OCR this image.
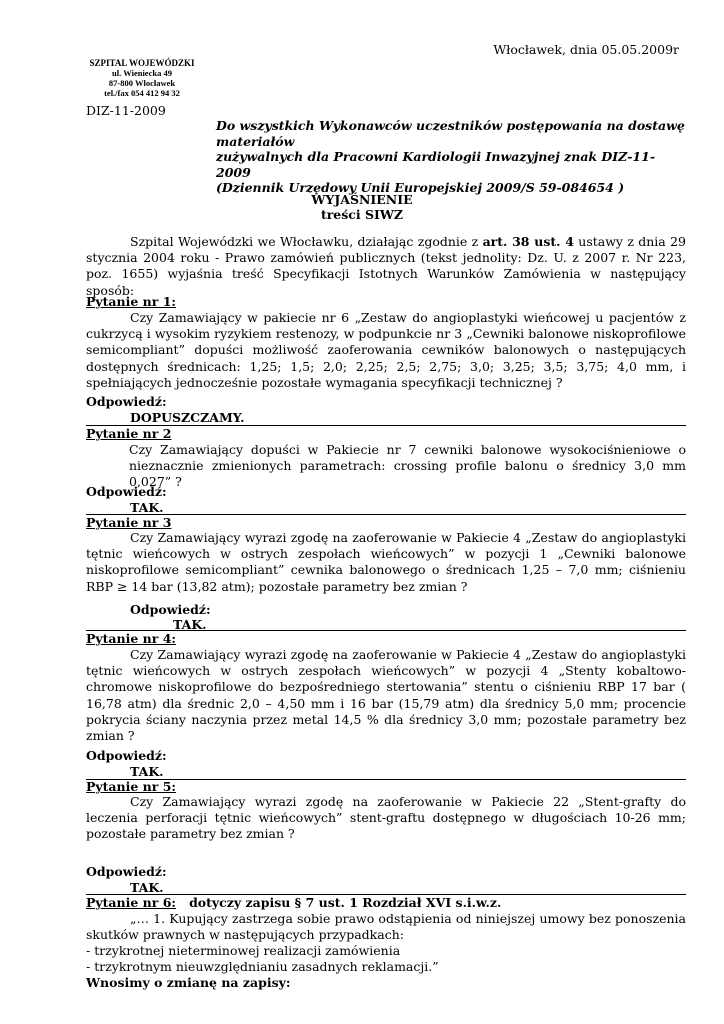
Włocławek, dnia 05.05.2009r
SZPITAL WOJEWÓDZKI
ul. Wieniecka 49
87-800 Włocławek
tel./fax 054 412 94 32
DIZ-11-2009
Do wszystkich Wykonawców uczestników postępowania na dostawę materiałów
zużywalnych dla Pracowni Kardiologii Inwazyjnej znak DIZ-11-2009
(Dziennik Urzędowy Unii Europejskiej 2009/S 59-084654 )
WYJAŚNIENIE
treści SIWZ
Szpital Wojewódzki we Włocławku, działając zgodnie z art. 38 ust. 4 ustawy z dnia 29 stycznia 2004 roku - Prawo zamówień publicznych (tekst jednolity: Dz. U. z 2007 r. Nr 223, poz. 1655) wyjaśnia treść Specyfikacji Istotnych Warunków Zamówienia w następujący sposób:
Pytanie nr 1:
Czy Zamawiający w pakiecie nr 6 „Zestaw do angioplastyki wieńcowej u pacjentów z cukrzycą i wysokim ryzykiem restenozy, w podpunkcie nr 3 „Cewniki balonowe niskoprofilowe semicompliant” dopuści możliwość zaoferowania cewników balonowych o następujących dostępnych średnicach: 1,25; 1,5; 2,0; 2,25; 2,5; 2,75; 3,0; 3,25; 3,5; 3,75; 4,0 mm, i spełniających jednocześnie pozostałe wymagania specyfikacji technicznej ?
Odpowiedź:
DOPUSZCZAMY.
Pytanie nr 2
Czy Zamawiający dopuści w Pakiecie nr 7 cewniki balonowe wysokociśnieniowe o nieznacznie zmienionych parametrach: crossing profile balonu o średnicy 3,0 mm 0,027” ?
Odpowiedź:
TAK.
Pytanie nr 3
Czy Zamawiający wyrazi zgodę na zaoferowanie w Pakiecie 4 „Zestaw do angioplastyki tętnic wieńcowych w ostrych zespołach wieńcowych” w pozycji 1 „Cewniki balonowe niskoprofilowe semicompliant” cewnika balonowego o średnicach 1,25 – 7,0 mm; ciśnieniu RBP ≥ 14 bar (13,82 atm); pozostałe parametry bez zmian ?
Odpowiedź:
TAK.
Pytanie nr 4:
Czy Zamawiający wyrazi zgodę na zaoferowanie w Pakiecie 4 „Zestaw do angioplastyki tętnic wieńcowych w ostrych zespołach wieńcowych” w pozycji 4 „Stenty kobaltowo-chromowe niskoprofilowe do bezpośredniego stertowania” stentu o ciśnieniu RBP 17 bar ( 16,78 atm) dla średnic 2,0 – 4,50 mm i 16 bar (15,79 atm) dla średnicy 5,0 mm; procencie pokrycia ściany naczynia przez metal 14,5 % dla średnicy 3,0 mm; pozostałe parametry bez zmian ?
Odpowiedź:
TAK.
Pytanie nr 5:
Czy Zamawiający wyrazi zgodę na zaoferowanie w Pakiecie 22 „Stent-grafty do leczenia perforacji tętnic wieńcowych” stent-graftu dostępnego w długościach 10-26 mm; pozostałe parametry bez zmian ?
Odpowiedź:
TAK.
Pytanie nr 6:   dotyczy zapisu § 7 ust. 1 Rozdział XVI s.i.w.z.
„… 1. Kupujący zastrzega sobie prawo odstąpienia od niniejszej umowy bez ponoszenia skutków prawnych w następujących przypadkach:
- trzykrotnej nieterminowej realizacji zamówienia
- trzykrotnym nieuwzględnianiu zasadnych reklamacji.”
Wnosimy o zmianę na zapisy:
